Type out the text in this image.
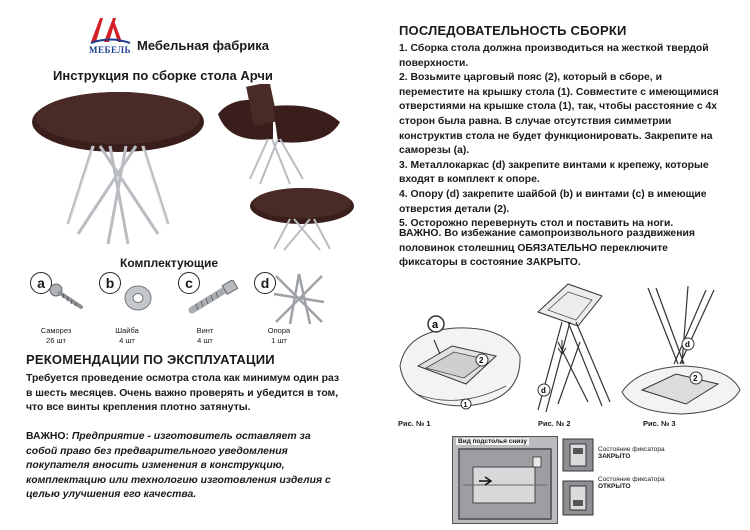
МЕБЕЛЬ Мебельная фабрика
Инструкция по сборке стола Арчи
Комплектующие
a
Саморез
26 шт
b
Шайба
4 шт
c
Винт
4 шт
d
Опора
1 шт
РЕКОМЕНДАЦИИ ПО ЭКСПЛУАТАЦИИ
Требуется проведение осмотра стола как минимум один раз в шесть месяцев. Очень важно проверять и убедится в том, что все винты крепления плотно затянуты.
ВАЖНО: Предприятие - изготовитель оставляет за собой право без предварительного уведомления покупателя вносить изменения в конструкцию, комплектацию или технологию изготовления изделия с целью улучшения его качества.
ПОСЛЕДОВАТЕЛЬНОСТЬ СБОРКИ

1. Сборка стола должна производиться на жесткой твердой поверхности.

2. Возьмите царговый пояс (2), который в сборе, и переместите на крышку стола (1). Совместите с имеющимися отверстиями на крышке стола (1), так, чтобы расстояние с 4х сторон была равна. В случае отсутствия симметрии конструктив стола не будет функционировать. Закрепите на саморезы (а).

3. Металлокаркас (d) закрепите винтами к крепежу, которые входят в комплект к опоре.

4. Опору (d) закрепите шайбой (b) и винтами (c) в имеющие отверстия детали (2).

5. Осторожно перевернуть стол и поставить на ноги.

ВАЖНО. Во избежание самопроизвольного раздвижения половинок столешниц ОБЯЗАТЕЛЬНО переключите фиксаторы в состояние ЗАКРЫТО.
2
1
a
Рис. № 1
d
Рис. № 2
d
2
Рис. № 3
Вид подстолья снизу
Состояние фиксатора
ЗАКРЫТО
Состояние фиксатора
ОТКРЫТО
